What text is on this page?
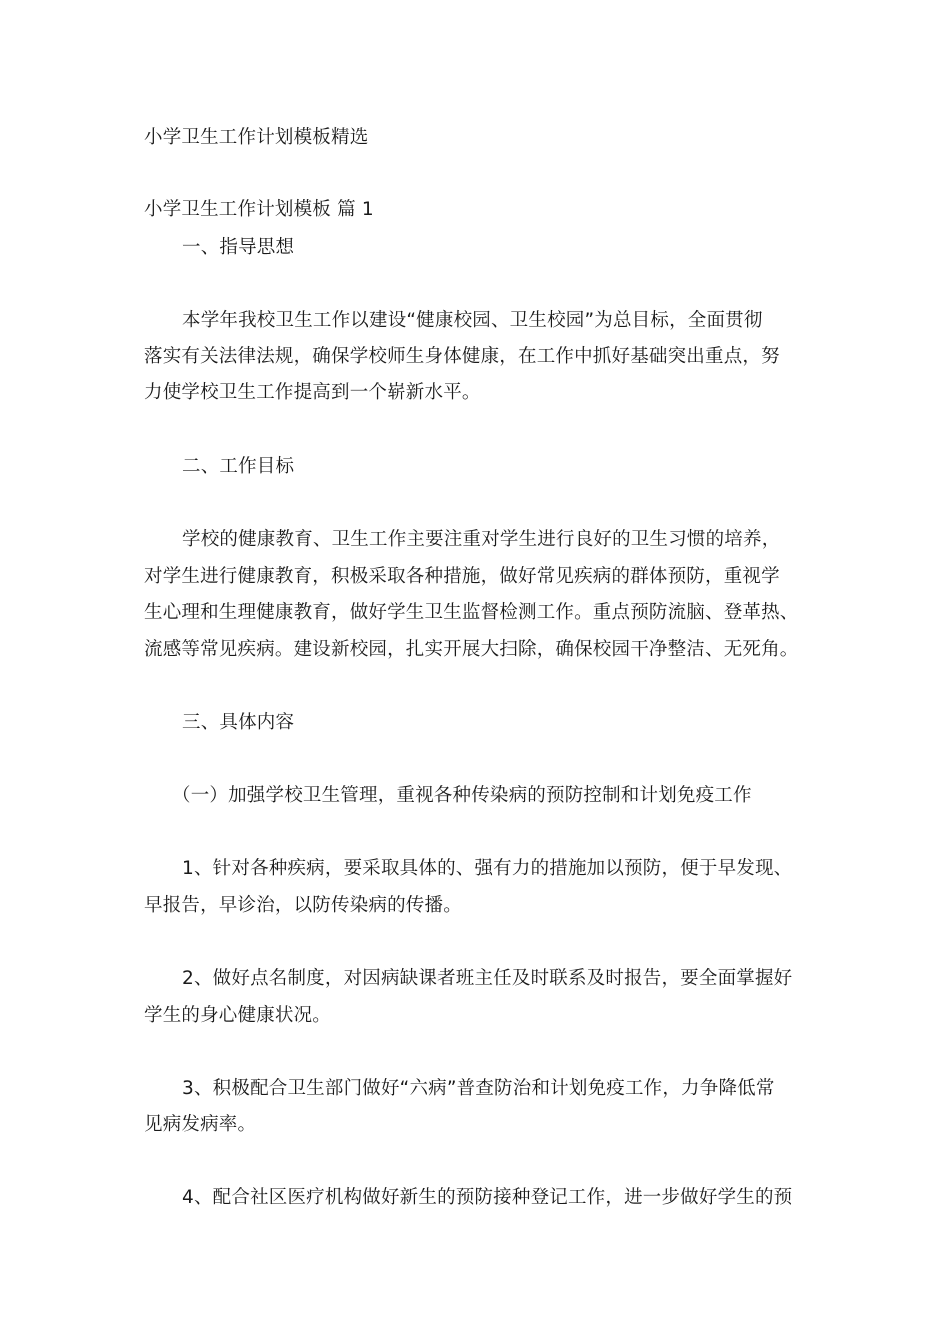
小学卫生工作计划模板精选
小学卫生工作计划模板 篇 1
一、指导思想
本学年我校卫生工作以建设“健康校园、卫生校园”为总目标，全面贯彻
落实有关法律法规，确保学校师生身体健康，在工作中抓好基础突出重点，努
力使学校卫生工作提高到一个崭新水平。
二、工作目标
学校的健康教育、卫生工作主要注重对学生进行良好的卫生习惯的培养，
对学生进行健康教育，积极采取各种措施，做好常见疾病的群体预防，重视学
生心理和生理健康教育，做好学生卫生监督检测工作。重点预防流脑、登革热、
流感等常见疾病。建设新校园，扎实开展大扫除，确保校园干净整洁、无死角。
三、具体内容
（一）加强学校卫生管理，重视各种传染病的预防控制和计划免疫工作
1、针对各种疾病，要采取具体的、强有力的措施加以预防，便于早发现、
早报告，早诊治，以防传染病的传播。
2、做好点名制度，对因病缺课者班主任及时联系及时报告，要全面掌握好
学生的身心健康状况。
3、积极配合卫生部门做好“六病”普查防治和计划免疫工作，力争降低常
见病发病率。
4、配合社区医疗机构做好新生的预防接种登记工作，进一步做好学生的预
